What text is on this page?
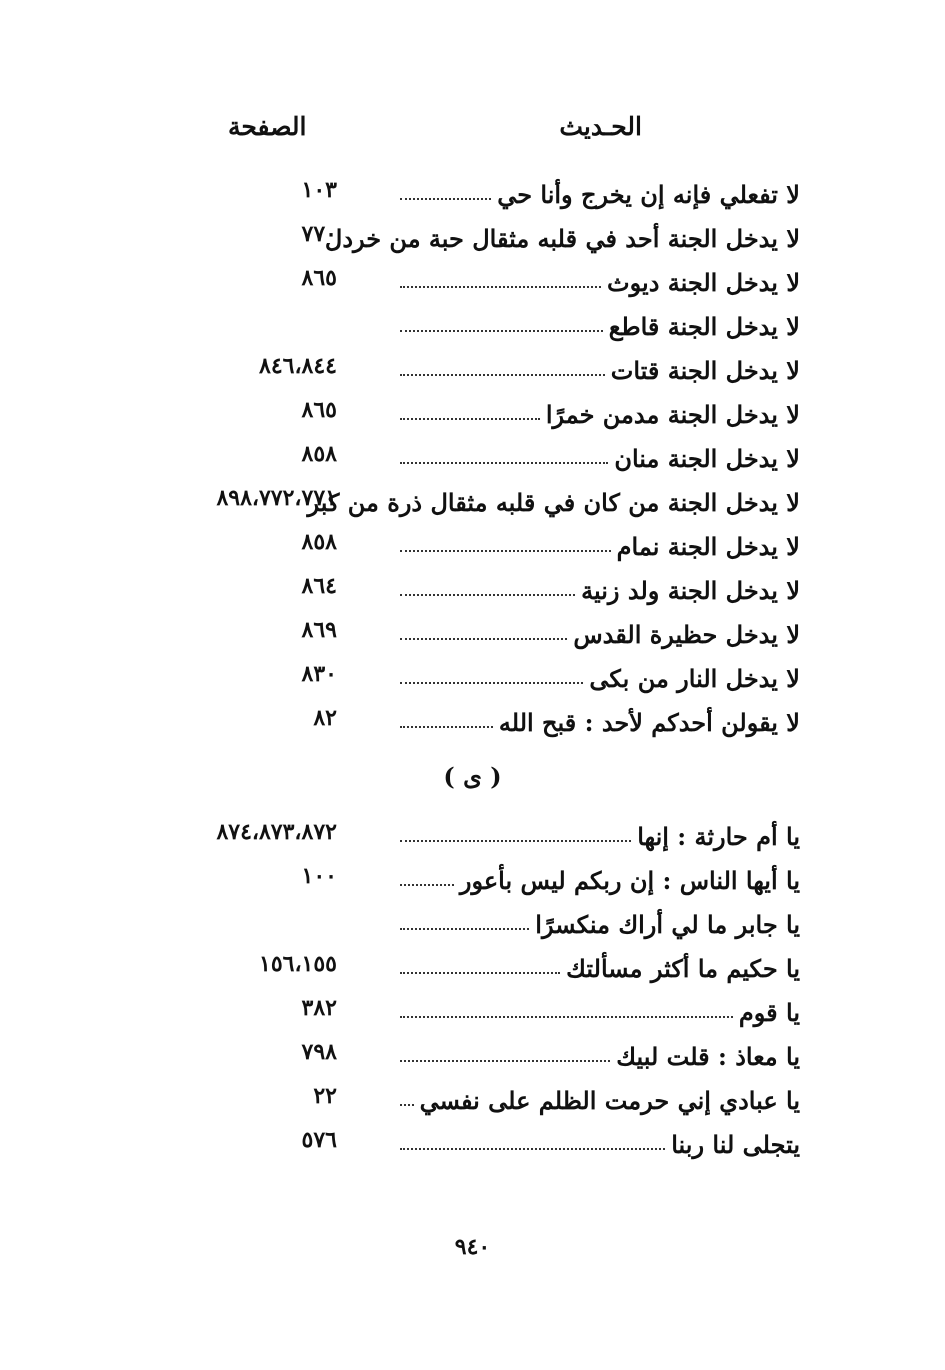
الحـديث
الصفحة
لا تفعلي فإنه إن يخرج وأنا حي
١٠٣
لا يدخل الجنة أحد في قلبه مثقال حبة من خردل
٧٧٠
لا يدخل الجنة ديوث
٨٦٥
لا يدخل الجنة قاطع
لا يدخل الجنة قتات
٨٤٦،٨٤٤
لا يدخل الجنة مدمن خمرًا
٨٦٥
لا يدخل الجنة منان
٨٥٨
لا يدخل الجنة من كان في قلبه مثقال ذرة من كبر
٨٩٨،٧٧٢،٧٧١
لا يدخل الجنة نمام
٨٥٨
لا يدخل الجنة ولد زنية
٨٦٤
لا يدخل حظيرة القدس
٨٦٩
لا يدخل النار من بكى
٨٣٠
لا يقولن أحدكم لأحد : قبح الله
٨٢
( ى )
يا أم حارثة : إنها
٨٧٤،٨٧٣،٨٧٢
يا أيها الناس : إن ربكم ليس بأعور
١٠٠
يا جابر ما لي أراك منكسرًا
يا حكيم ما أكثر مسألتك
١٥٦،١٥٥
يا قوم
٣٨٢
يا معاذ : قلت لبيك
٧٩٨
يا عبادي إني حرمت الظلم على نفسي
٢٢
يتجلى لنا ربنا
٥٧٦
٩٤٠
